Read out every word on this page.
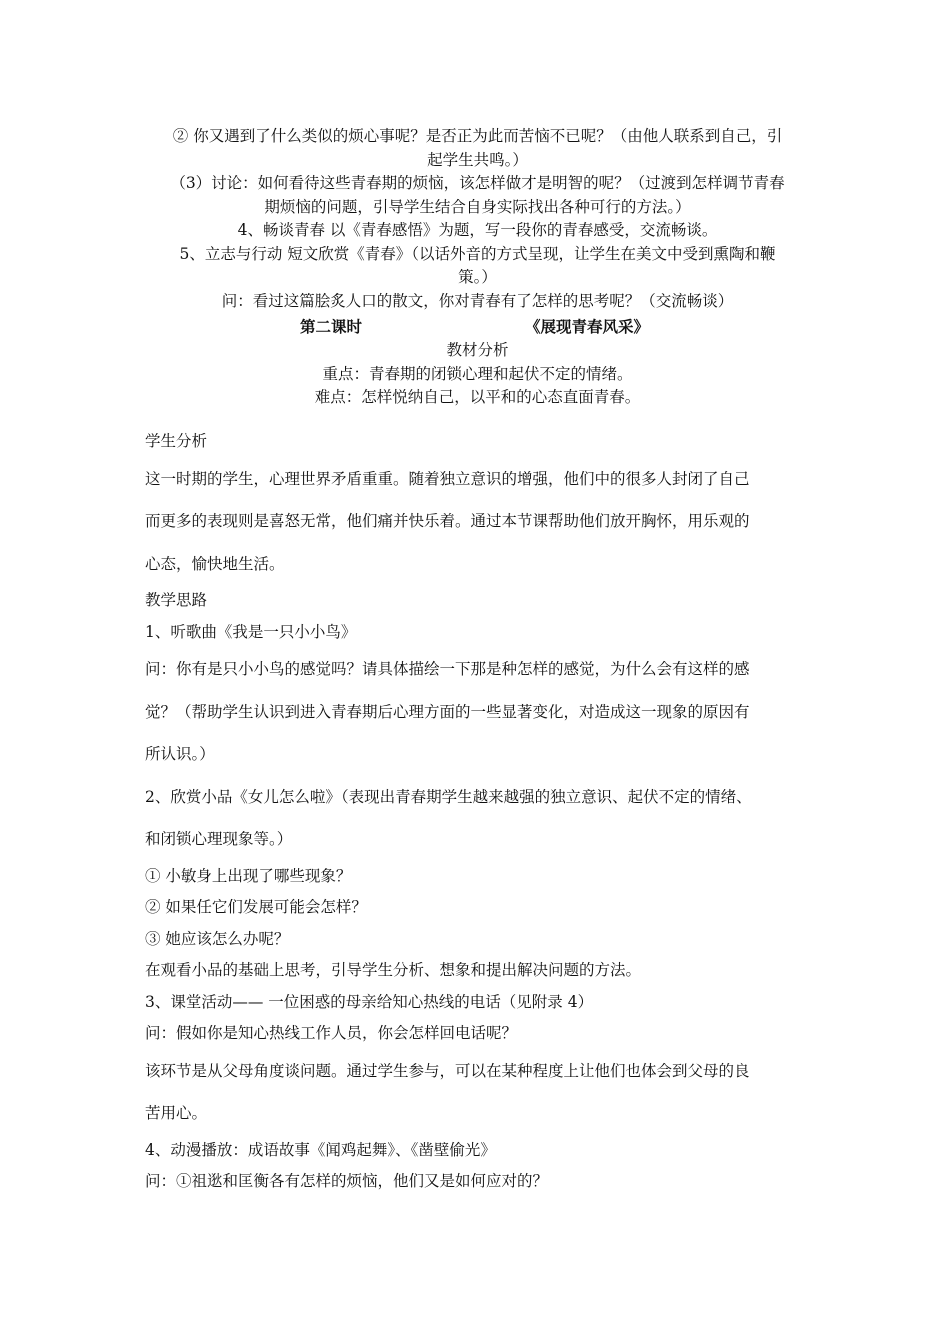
② 你又遇到了什么类似的烦心事呢？是否正为此而苦恼不已呢？（由他人联系到自己，引

起学生共鸣。）

（3）讨论：如何看待这些青春期的烦恼，该怎样做才是明智的呢？（过渡到怎样调节青春

期烦恼的问题，引导学生结合自身实际找出各种可行的方法。）

4、畅谈青春 以《青春感悟》为题，写一段你的青春感受，交流畅谈。

5、立志与行动 短文欣赏《青春》（以话外音的方式呈现，让学生在美文中受到熏陶和鞭

策。）

问：看过这篇脍炙人口的散文，你对青春有了怎样的思考呢？（交流畅谈）

第二课时	《展现青春风采》

教材分析

重点：青春期的闭锁心理和起伏不定的情绪。

难点：怎样悦纳自己，以平和的心态直面青春。

学生分析

这一时期的学生，心理世界矛盾重重。随着独立意识的增强，他们中的很多人封闭了自己

而更多的表现则是喜怒无常，他们痛并快乐着。通过本节课帮助他们放开胸怀，用乐观的

心态，愉快地生活。

教学思路

1、听歌曲《我是一只小小鸟》

问：你有是只小小鸟的感觉吗？请具体描绘一下那是种怎样的感觉，为什么会有这样的感

觉？（帮助学生认识到进入青春期后心理方面的一些显著变化，对造成这一现象的原因有

所认识。）

2、欣赏小品《女儿怎么啦》（表现出青春期学生越来越强的独立意识、起伏不定的情绪、

和闭锁心理现象等。）

① 小敏身上出现了哪些现象？

② 如果任它们发展可能会怎样？

③ 她应该怎么办呢？

在观看小品的基础上思考，引导学生分析、想象和提出解决问题的方法。

3、课堂活动—— 一位困惑的母亲给知心热线的电话（见附录 4）

问：假如你是知心热线工作人员，你会怎样回电话呢？

该环节是从父母角度谈问题。通过学生参与，可以在某种程度上让他们也体会到父母的良

苦用心。

4、动漫播放：成语故事《闻鸡起舞》、《凿壁偷光》

问：①祖逖和匡衡各有怎样的烦恼，他们又是如何应对的？
